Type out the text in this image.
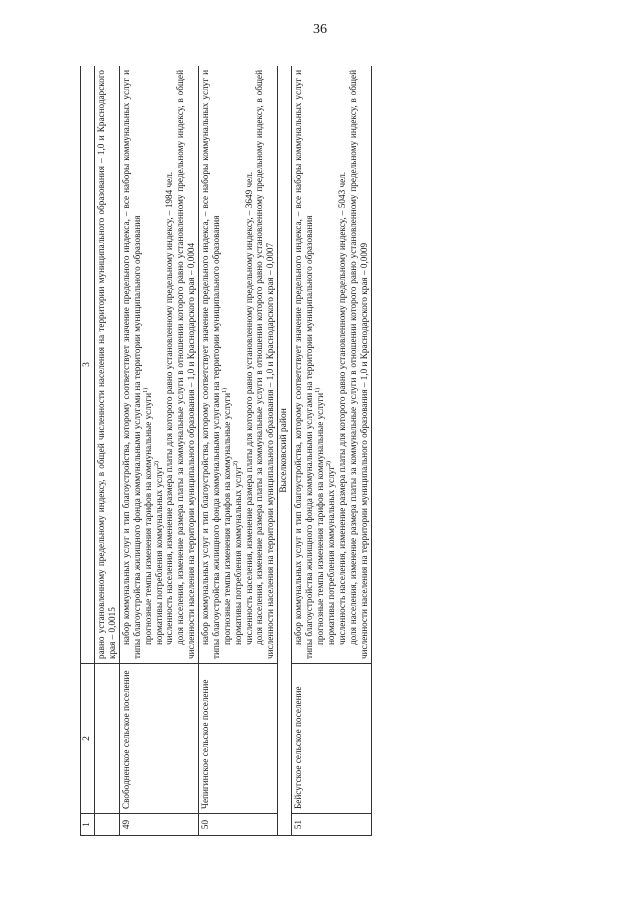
36
1	2	3

		равно установленному предельному индексу, в общей численности населения на территории муниципального образования – 1,0 и Краснодарского края – 0,0015

49	Свободненское сельское поселение	набор коммунальных услуг и тип благоустройства, которому соответствует значение предельного индекса, – все наборы коммунальных услуг и типы благоустройства жилищного фонда коммунальными услугами на территории муниципального образования прогнозные темпы изменения тарифов на коммунальные услуги$^{1)}$

нормативы потребления коммунальных услуг$^{2)}$ численность населения, изменение размера платы для которого равно установленному предельному индексу, – 1984 чел. доля населения, изменение размера платы за коммунальные услуги в отношении которого равно установленному предельному индексу, в общей численности населения на территории муниципального образования – 1,0 и Краснодарского края – 0,0004

50	Чепигинское сельское поселение	набор коммунальных услуг и тип благоустройства, которому соответствует значение предельного индекса, – все наборы коммунальных услуг и типы благоустройства жилищного фонда коммунальными услугами на территории муниципального образования прогнозные темпы изменения тарифов на коммунальные услуги$^{1)}$

нормативы потребления коммунальных услуг$^{2)}$ численность населения, изменение размера платы для которого равно установленному предельному индексу, – 3649 чел. доля населения, изменение размера платы за коммунальные услуги в отношении которого равно установленному предельному индексу, в общей численности населения на территории муниципального образования – 1,0 и Краснодарского края – 0,0007

Выселковский район		
51	Бейсугское сельское поселение	набор коммунальных услуг и тип благоустройства, которому соответствует значение предельного индекса, – все наборы коммунальных услуг и типы благоустройства жилищного фонда коммунальными услугами на территории муниципального образования прогнозные темпы изменения тарифов на коммунальные услуги$^{1)}$

нормативы потребления коммунальных услуг$^{2)}$ численность населения, изменение размера платы для которого равно установленному предельному индексу, – 5043 чел. доля населения, изменение размера платы за коммунальные услуги в отношении которого равно установленному предельному индексу, в общей численности населения на территории муниципального образования – 1,0 и Краснодарского края – 0,0009
